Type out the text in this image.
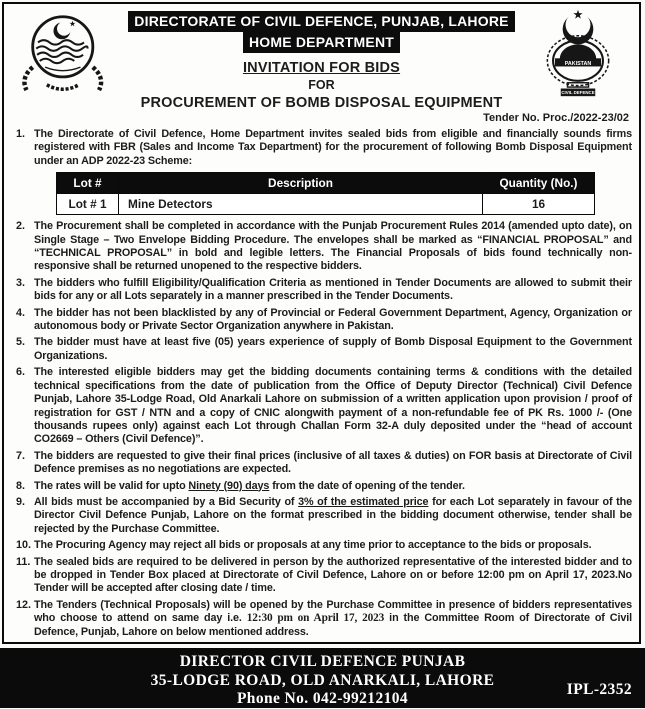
DIRECTORATE OF CIVIL DEFENCE, PUNJAB, LAHORE
HOME DEPARTMENT
INVITATION FOR BIDS
FOR
PROCUREMENT OF BOMB DISPOSAL EQUIPMENT
PAKISTAN
CIVIL DEFENCE
Tender No. Proc./2022-23/02
1. The Directorate of Civil Defence, Home Department invites sealed bids from eligible and financially sounds firms registered with FBR (Sales and Income Tax Department) for the procurement of following Bomb Disposal Equipment under an ADP 2022-23 Scheme:
Lot #	Description	Quantity (No.)
Lot # 1	Mine Detectors	16
2. The Procurement shall be completed in accordance with the Punjab Procurement Rules 2014 (amended upto date), on Single Stage – Two Envelope Bidding Procedure. The envelopes shall be marked as “FINANCIAL PROPOSAL” and “TECHNICAL PROPOSAL” in bold and legible letters. The Financial Proposals of bids found technically non-responsive shall be returned unopened to the respective bidders.
3. The bidders who fulfill Eligibility/Qualification Criteria as mentioned in Tender Documents are allowed to submit their bids for any or all Lots separately in a manner prescribed in the Tender Documents.
4. The bidder has not been blacklisted by any of Provincial or Federal Government Department, Agency, Organization or autonomous body or Private Sector Organization anywhere in Pakistan.
5. The bidder must have at least five (05) years experience of supply of Bomb Disposal Equipment to the Government Organizations.
6. The interested eligible bidders may get the bidding documents containing terms & conditions with the detailed technical specifications from the date of publication from the Office of Deputy Director (Technical) Civil Defence Punjab, Lahore 35-Lodge Road, Old Anarkali Lahore on submission of a written application upon provision / proof of registration for GST / NTN and a copy of CNIC alongwith payment of a non-refundable fee of PK Rs. 1000 /- (One thousands rupees only) against each Lot through Challan Form 32-A duly deposited under the “head of account CO2669 – Others (Civil Defence)”.
7. The bidders are requested to give their final prices (inclusive of all taxes & duties) on FOR basis at Directorate of Civil Defence premises as no negotiations are expected.
8. The rates will be valid for upto Ninety (90) days from the date of opening of the tender.
9. All bids must be accompanied by a Bid Security of 3% of the estimated price for each Lot separately in favour of the Director Civil Defence Punjab, Lahore on the format prescribed in the bidding document otherwise, tender shall be rejected by the Purchase Committee.
10. The Procuring Agency may reject all bids or proposals at any time prior to acceptance to the bids or proposals.
11. The sealed bids are required to be delivered in person by the authorized representative of the interested bidder and to be dropped in Tender Box placed at Directorate of Civil Defence, Lahore on or before 12:00 pm on April 17, 2023.No Tender will be accepted after closing date / time.
12. The Tenders (Technical Proposals) will be opened by the Purchase Committee in presence of bidders representatives who choose to attend on same day i.e. 12:30 pm on April 17, 2023 in the Committee Room of Directorate of Civil Defence, Punjab, Lahore on below mentioned address.
DIRECTOR CIVIL DEFENCE PUNJAB
35-LODGE ROAD, OLD ANARKALI, LAHORE
Phone No. 042-99212104
IPL-2352
